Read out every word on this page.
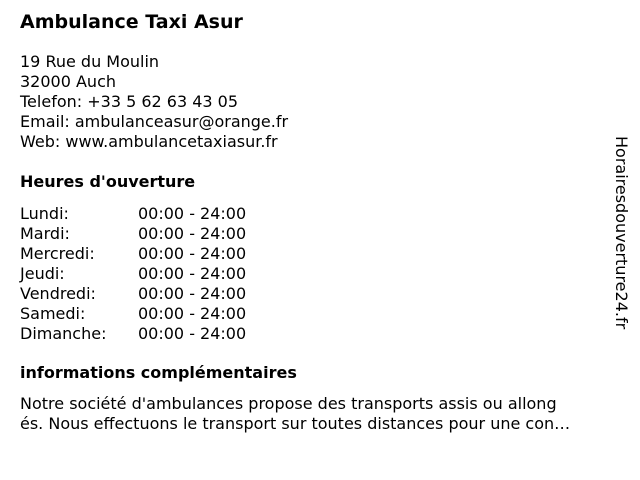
Ambulance Taxi Asur
19 Rue du Moulin
32000 Auch
Telefon: +33 5 62 63 43 05
Email: ambulanceasur@orange.fr
Web: www.ambulancetaxiasur.fr
Heures d'ouverture
Lundi:	00:00 - 24:00
Mardi:	00:00 - 24:00
Mercredi:	00:00 - 24:00
Jeudi:	00:00 - 24:00
Vendredi:	00:00 - 24:00
Samedi:	00:00 - 24:00
Dimanche:	00:00 - 24:00
informations complémentaires
Notre société d'ambulances propose des transports assis ou allong
és. Nous effectuons le transport sur toutes distances pour une con…
Horairesdouverture24.fr
